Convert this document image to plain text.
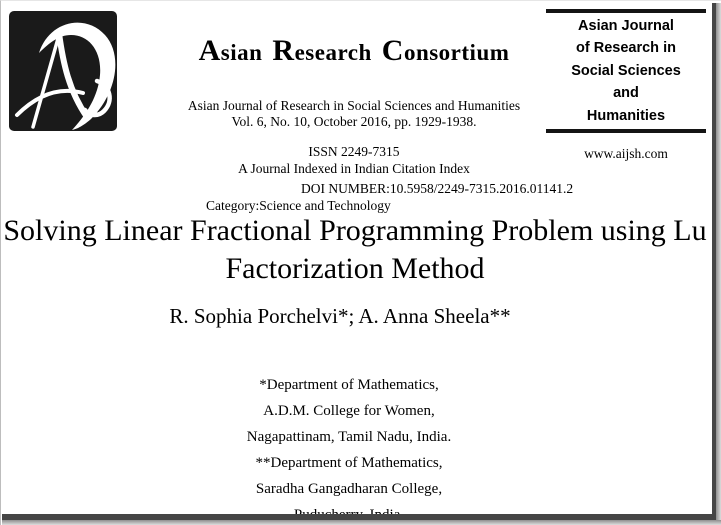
Asian Research Consortium
Asian Journal of Research in Social Sciences and Humanities
Vol. 6, No. 10, October 2016, pp. 1929-1938.
ISSN 2249-7315
A Journal Indexed in Indian Citation Index
DOI NUMBER:10.5958/2249-7315.2016.01141.2
Category:Science and Technology
Asian Journal
of Research in
Social Sciences
and
Humanities
www.aijsh.com
Solving Linear Fractional Programming Problem using Lu
Factorization Method
R. Sophia Porchelvi*; A. Anna Sheela**
*Department of Mathematics,
A.D.M. College for Women,
Nagapattinam, Tamil Nadu, India.
**Department of Mathematics,
Saradha Gangadharan College,
